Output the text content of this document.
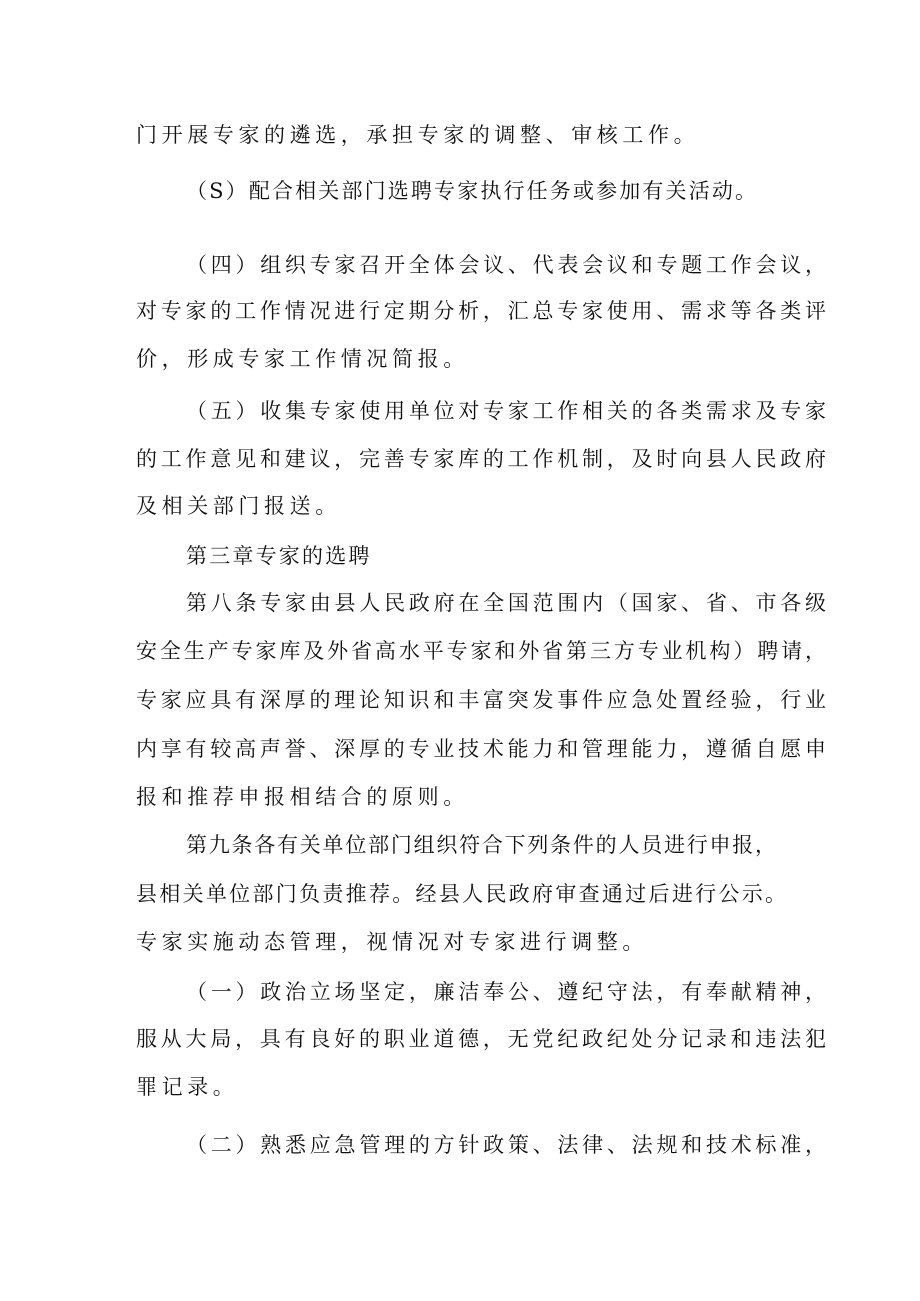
门开展专家的遴选，承担专家的调整、审核工作。
（S）配合相关部门选聘专家执行任务或参加有关活动。
（四）组织专家召开全体会议、代表会议和专题工作会议，
对专家的工作情况进行定期分析，汇总专家使用、需求等各类评
价，形成专家工作情况简报。
（五）收集专家使用单位对专家工作相关的各类需求及专家
的工作意见和建议，完善专家库的工作机制，及时向县人民政府
及相关部门报送。
第三章专家的选聘
第八条专家由县人民政府在全国范围内（国家、省、市各级
安全生产专家库及外省高水平专家和外省第三方专业机构）聘请，
专家应具有深厚的理论知识和丰富突发事件应急处置经验，行业
内享有较高声誉、深厚的专业技术能力和管理能力，遵循自愿申
报和推荐申报相结合的原则。
第九条各有关单位部门组织符合下列条件的人员进行申报，
县相关单位部门负责推荐。经县人民政府审查通过后进行公示。
专家实施动态管理，视情况对专家进行调整。
（一）政治立场坚定，廉洁奉公、遵纪守法，有奉献精神，
服从大局，具有良好的职业道德，无党纪政纪处分记录和违法犯
罪记录。
（二）熟悉应急管理的方针政策、法律、法规和技术标准，
